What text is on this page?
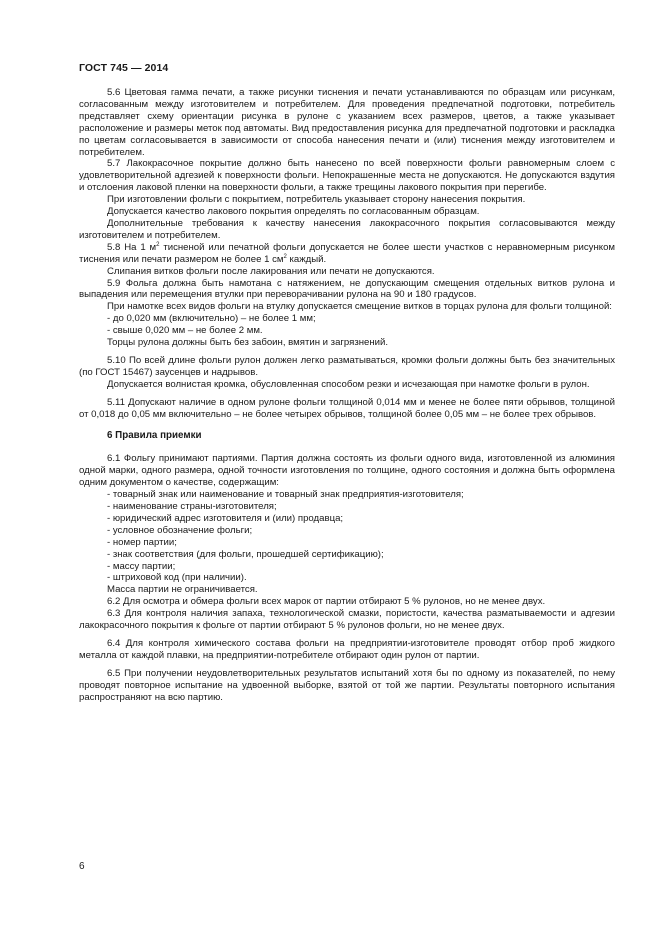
ГОСТ 745 — 2014

5.6 Цветовая гамма печати, а также рисунки тиснения и печати устанавливаются по образцам или рисункам, согласованным между изготовителем и потребителем. Для проведения предпечатной подготовки, потребитель представляет схему ориентации рисунка в рулоне с указанием всех размеров, цветов, а также указывает расположение и размеры меток под автоматы. Вид предоставления рисунка для предпечатной подготовки и раскладка по цветам согласовывается в зависимости от способа нанесения печати и (или) тиснения между изготовителем и потребителем.

5.7 Лакокрасочное покрытие должно быть нанесено по всей поверхности фольги равномерным слоем с удовлетворительной адгезией к поверхности фольги. Непокрашенные места не допускаются. Не допускаются вздутия и отслоения лаковой пленки на поверхности фольги, а также трещины лакового покрытия при перегибе.

При изготовлении фольги с покрытием, потребитель указывает сторону нанесения покрытия.

Допускается качество лакового покрытия определять по согласованным образцам.

Дополнительные требования к качеству нанесения лакокрасочного покрытия согласовываются между изготовителем и потребителем.

5.8 На 1 $м^2$ тисненой или печатной фольги допускается не более шести участков с неравномерным рисунком тиснения или печати размером не более 1 $см^2$ каждый.

Слипания витков фольги после лакирования или печати не допускаются.

5.9 Фольга должна быть намотана с натяжением, не допускающим смещения отдельных витков рулона и выпадения или перемещения втулки при переворачивании рулона на 90 и 180 градусов.

При намотке всех видов фольги на втулку допускается смещение витков в торцах рулона для фольги толщиной:

- до 0,020 мм (включительно) – не более 1 мм;

- свыше 0,020 мм – не более 2 мм.

Торцы рулона должны быть без забоин, вмятин и загрязнений.

5.10 По всей длине фольги рулон должен легко разматываться, кромки фольги должны быть без значительных (по ГОСТ 15467) заусенцев и надрывов.

Допускается волнистая кромка, обусловленная способом резки и исчезающая при намотке фольги в рулон.

5.11 Допускают наличие в одном рулоне фольги толщиной 0,014 мм и менее не более пяти обрывов, толщиной от 0,018 до 0,05 мм включительно – не более четырех обрывов, толщиной более 0,05 мм – не более трех обрывов.

6 Правила приемки

6.1 Фольгу принимают партиями. Партия должна состоять из фольги одного вида, изготовленной из алюминия одной марки, одного размера, одной точности изготовления по толщине, одного состояния и должна быть оформлена одним документом о качестве, содержащим:

- товарный знак или наименование и товарный знак предприятия-изготовителя;

- наименование страны-изготовителя;

- юридический адрес изготовителя и (или) продавца;

- условное обозначение фольги;

- номер партии;

- знак соответствия (для фольги, прошедшей сертификацию);

- массу партии;

- штриховой код (при наличии).

Масса партии не ограничивается.

6.2 Для осмотра и обмера фольги всех марок от партии отбирают 5 % рулонов, но не менее двух.

6.3 Для контроля наличия запаха, технологической смазки, пористости, качества разматываемости и адгезии лакокрасочного покрытия к фольге от партии отбирают 5 % рулонов фольги, но не менее двух.

6.4 Для контроля химического состава фольги на предприятии-изготовителе проводят отбор проб жидкого металла от каждой плавки, на предприятии-потребителе отбирают один рулон от партии.

6.5 При получении неудовлетворительных результатов испытаний хотя бы по одному из показателей, по нему проводят повторное испытание на удвоенной выборке, взятой от той же партии. Результаты повторного испытания распространяют на всю партию.

6
